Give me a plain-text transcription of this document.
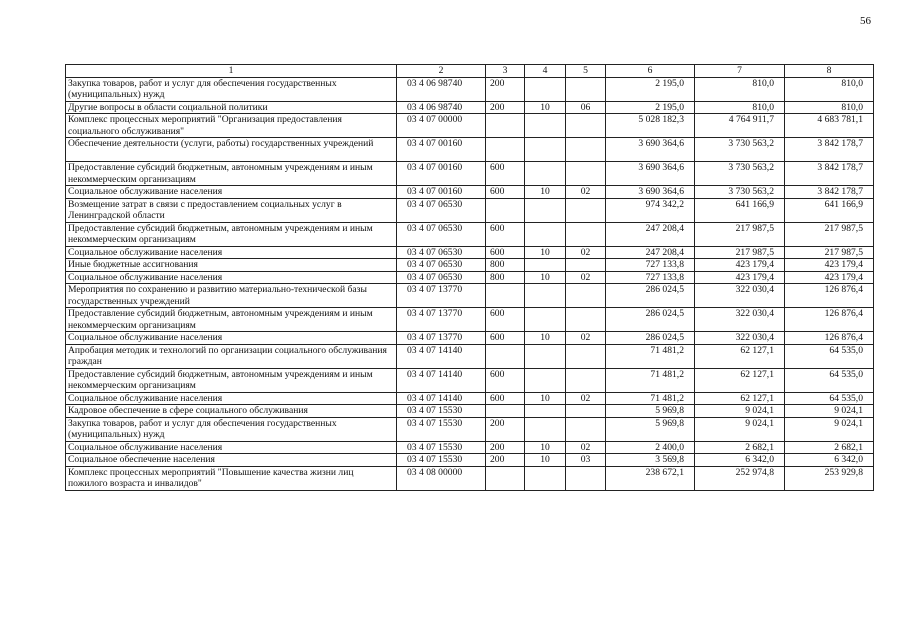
56
1	2	3	4	5	6	7	8
Закупка товаров, работ и услуг для обеспечения государственных (муниципальных) нужд	03 4 06 98740	200			2 195,0	810,0	810,0
Другие вопросы в области социальной политики	03 4 06 98740	200	10	06	2 195,0	810,0	810,0
Комплекс процессных мероприятий "Организация предоставления социального обслуживания"	03 4 07 00000				5 028 182,3	4 764 911,7	4 683 781,1
Обеспечение деятельности (услуги, работы) государственных учреждений	03 4 07 00160				3 690 364,6	3 730 563,2	3 842 178,7
Предоставление субсидий бюджетным, автономным учреждениям и иным некоммерческим организациям	03 4 07 00160	600			3 690 364,6	3 730 563,2	3 842 178,7
Социальное обслуживание населения	03 4 07 00160	600	10	02	3 690 364,6	3 730 563,2	3 842 178,7
Возмещение затрат в связи с предоставлением социальных услуг в Ленинградской области	03 4 07 06530				974 342,2	641 166,9	641 166,9
Предоставление субсидий бюджетным, автономным учреждениям и иным некоммерческим организациям	03 4 07 06530	600			247 208,4	217 987,5	217 987,5
Социальное обслуживание населения	03 4 07 06530	600	10	02	247 208,4	217 987,5	217 987,5
Иные бюджетные ассигнования	03 4 07 06530	800			727 133,8	423 179,4	423 179,4
Социальное обслуживание населения	03 4 07 06530	800	10	02	727 133,8	423 179,4	423 179,4
Мероприятия по сохранению и развитию материально-технической базы государственных учреждений	03 4 07 13770				286 024,5	322 030,4	126 876,4
Предоставление субсидий бюджетным, автономным учреждениям и иным некоммерческим организациям	03 4 07 13770	600			286 024,5	322 030,4	126 876,4
Социальное обслуживание населения	03 4 07 13770	600	10	02	286 024,5	322 030,4	126 876,4
Апробация методик и технологий по организации социального обслуживания граждан	03 4 07 14140				71 481,2	62 127,1	64 535,0
Предоставление субсидий бюджетным, автономным учреждениям и иным некоммерческим организациям	03 4 07 14140	600			71 481,2	62 127,1	64 535,0
Социальное обслуживание населения	03 4 07 14140	600	10	02	71 481,2	62 127,1	64 535,0
Кадровое обеспечение в сфере социального обслуживания	03 4 07 15530				5 969,8	9 024,1	9 024,1
Закупка товаров, работ и услуг для обеспечения государственных (муниципальных) нужд	03 4 07 15530	200			5 969,8	9 024,1	9 024,1
Социальное обслуживание населения	03 4 07 15530	200	10	02	2 400,0	2 682,1	2 682,1
Социальное обеспечение населения	03 4 07 15530	200	10	03	3 569,8	6 342,0	6 342,0
Комплекс процессных мероприятий "Повышение качества жизни лиц пожилого возраста и инвалидов"	03 4 08 00000				238 672,1	252 974,8	253 929,8
